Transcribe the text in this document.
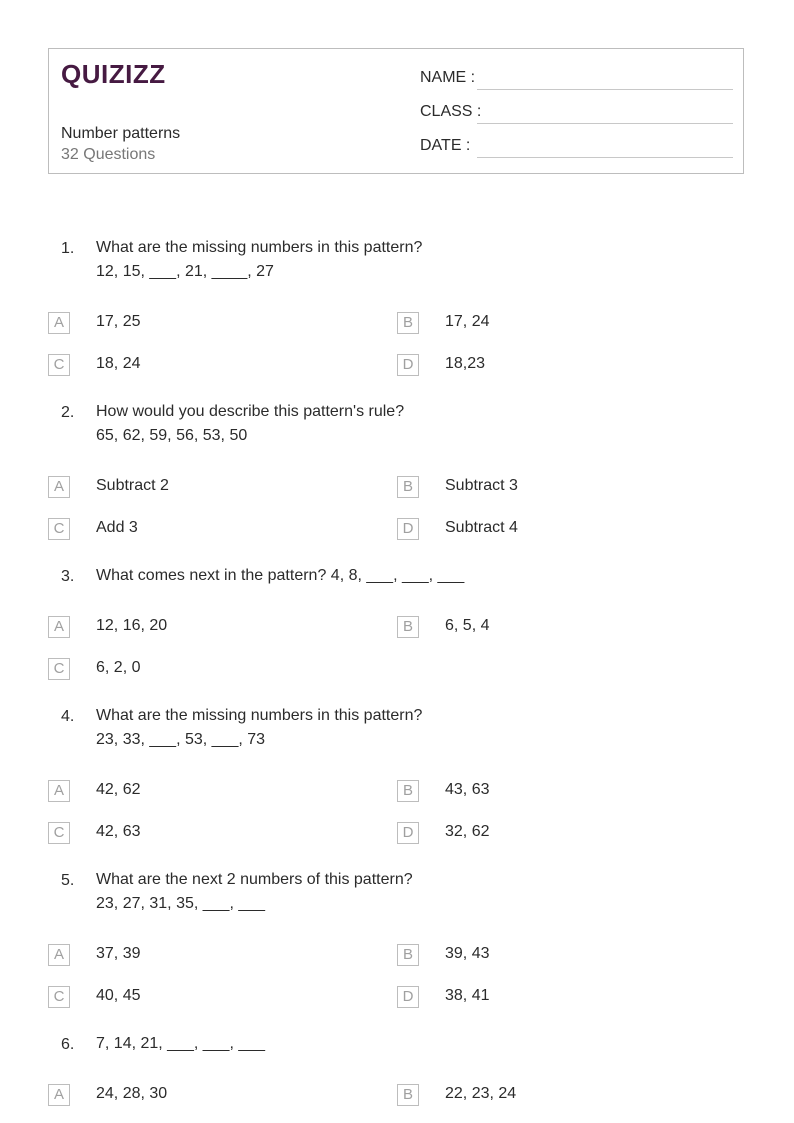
QUIZIZZ
Number patterns
32 Questions
NAME :
CLASS :
DATE :
1. What are the missing numbers in this pattern?
12, 15, ___, 21, ____, 27
A	17, 25	B	17, 24
C	18, 24	D	18,23
2. How would you describe this pattern's rule?
65, 62, 59, 56, 53, 50
A	Subtract 2	B	Subtract 3
C	Add 3	D	Subtract 4
3. What comes next in the pattern? 4, 8, ___, ___, ___
A	12, 16, 20	B	6, 5, 4
C	6, 2, 0
4. What are the missing numbers in this pattern?
23, 33, ___, 53, ___, 73
A	42, 62	B	43, 63
C	42, 63	D	32, 62
5. What are the next 2 numbers of this pattern?
23, 27, 31, 35, ___, ___
A	37, 39	B	39, 43
C	40, 45	D	38, 41
6. 7, 14, 21, ___, ___, ___
A	24, 28, 30	B	22, 23, 24
